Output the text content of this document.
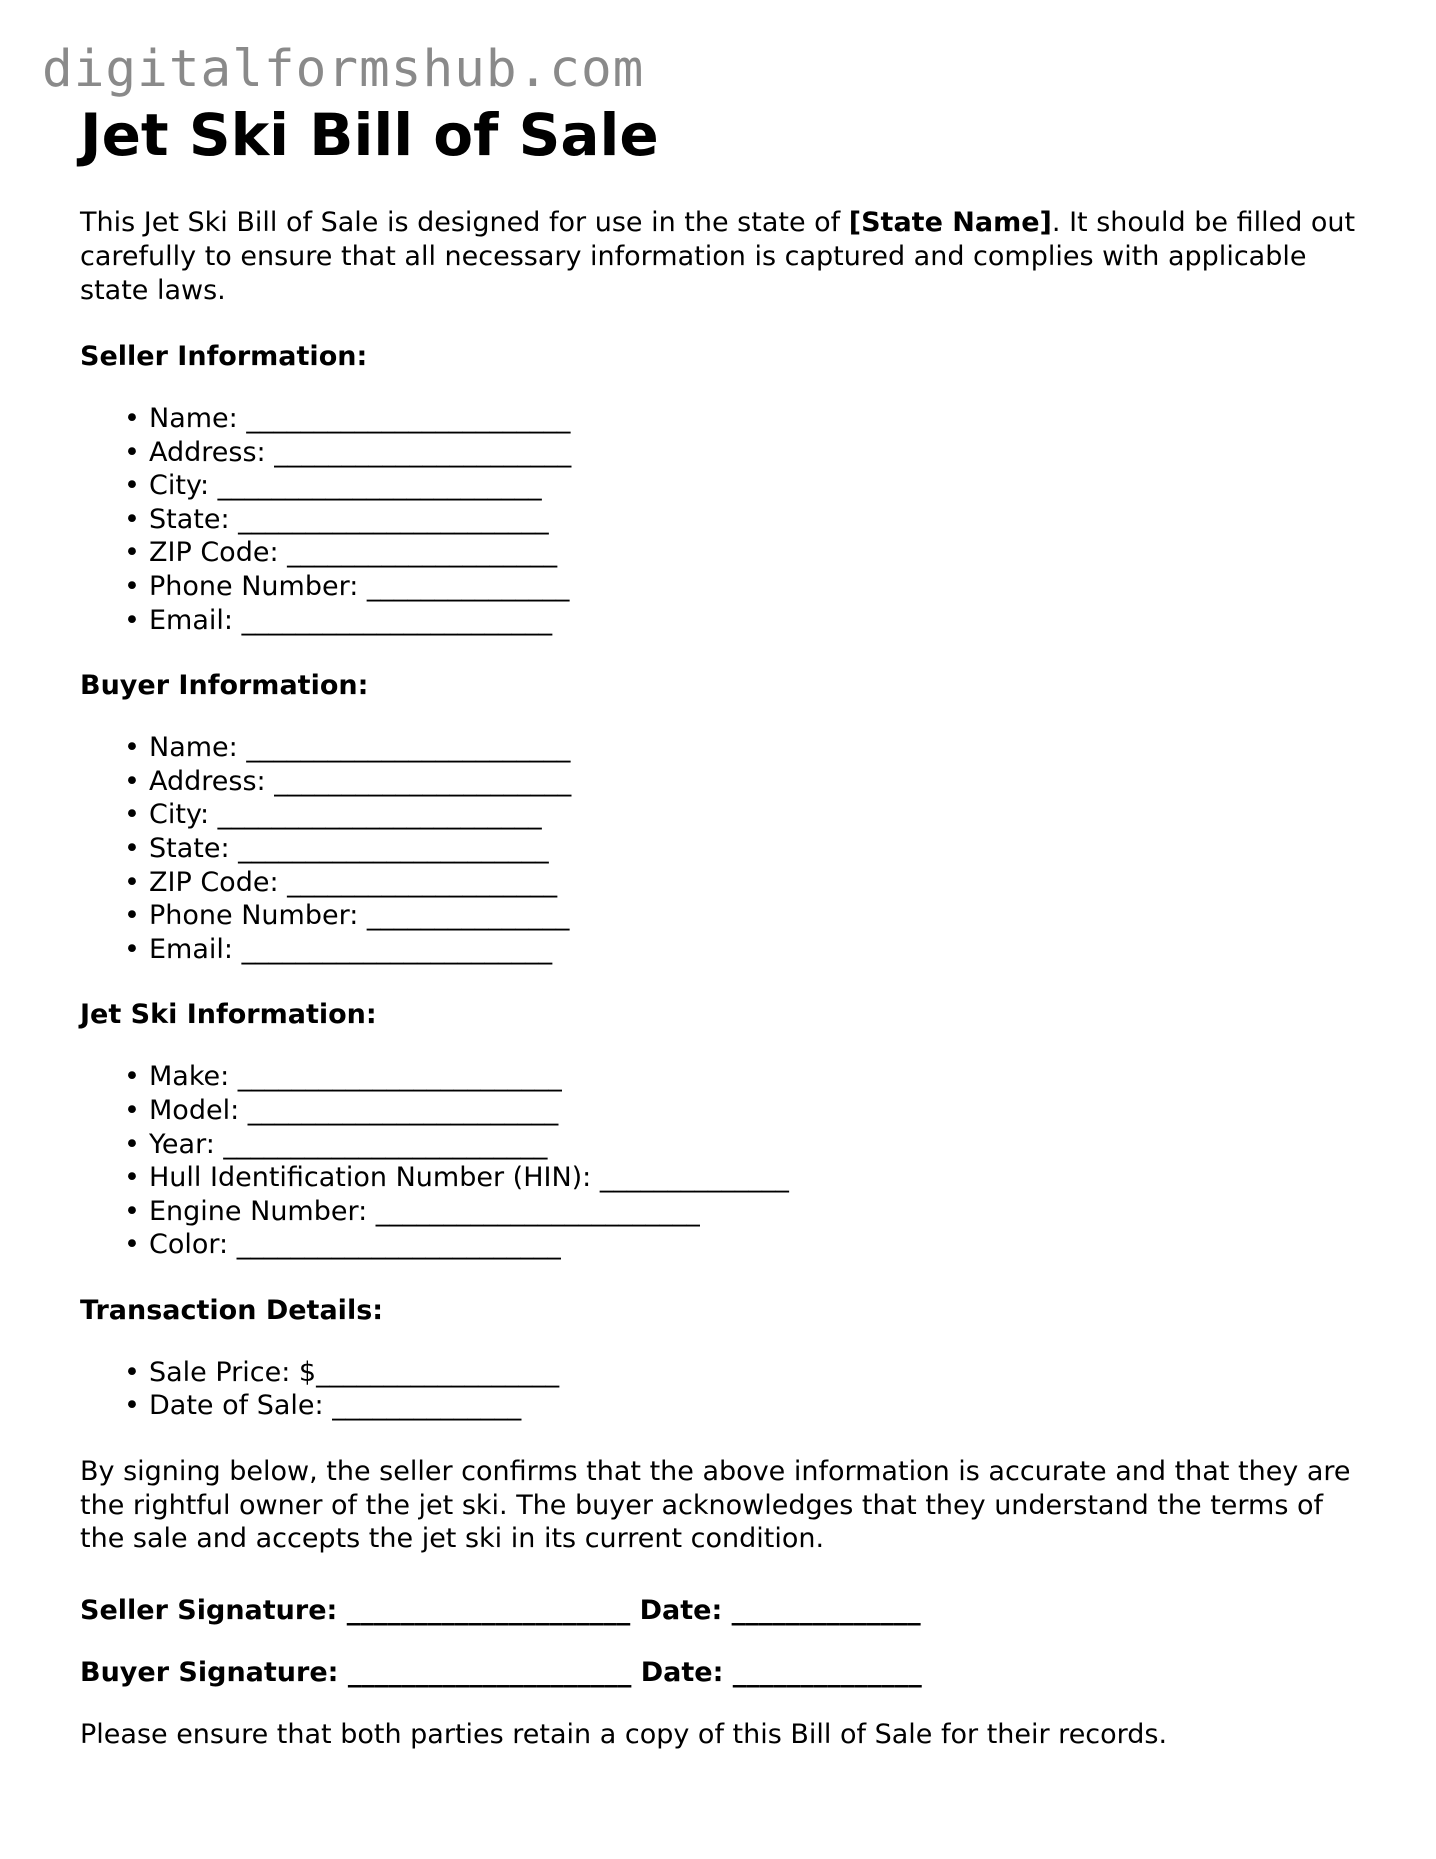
digitalformshub.com
Jet Ski Bill of Sale

This Jet Ski Bill of Sale is designed for use in the state of [State Name]. It should be filled out carefully to ensure that all necessary information is captured and complies with applicable state laws.

Seller Information:
• Name: ________________________
• Address: ______________________
• City: ________________________
• State: _______________________
• ZIP Code: ____________________
• Phone Number: _______________
• Email: _______________________
Buyer Information:
• Name: ________________________
• Address: ______________________
• City: ________________________
• State: _______________________
• ZIP Code: ____________________
• Phone Number: _______________
• Email: _______________________
Jet Ski Information:
• Make: ________________________
• Model: _______________________
• Year: ________________________
• Hull Identification Number (HIN): ______________
• Engine Number: ________________________
• Color: ________________________
Transaction Details:
• Sale Price: $__________________
• Date of Sale: ______________

By signing below, the seller confirms that the above information is accurate and that they are the rightful owner of the jet ski. The buyer acknowledges that they understand the terms of the sale and accepts the jet ski in its current condition.

Seller Signature: _____________________ Date: ______________
Buyer Signature: _____________________ Date: ______________

Please ensure that both parties retain a copy of this Bill of Sale for their records.
